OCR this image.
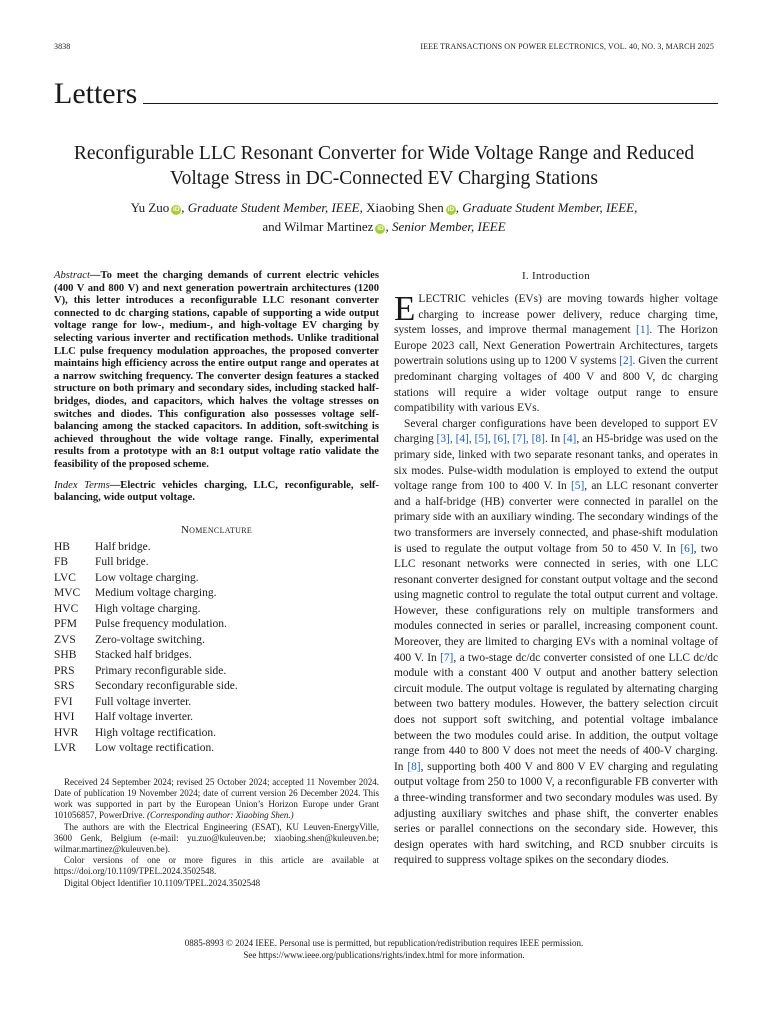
3838	IEEE TRANSACTIONS ON POWER ELECTRONICS, VOL. 40, NO. 3, MARCH 2025
Letters
Reconfigurable LLC Resonant Converter for Wide Voltage Range and Reduced
Voltage Stress in DC-Connected EV Charging Stations
Yu Zuo iD , Graduate Student Member, IEEE, Xiaobing Shen iD , Graduate Student Member, IEEE,
and Wilmar Martinez iD , Senior Member, IEEE

Abstract—To meet the charging demands of current electric vehicles (400 V and 800 V) and next generation powertrain architectures (1200 V), this letter introduces a reconfigurable LLC resonant converter connected to dc charging stations, capable of supporting a wide output voltage range for low-, medium-, and high-voltage EV charging by selecting various inverter and rectification methods. Unlike traditional LLC pulse frequency modulation approaches, the proposed converter maintains high efficiency across the entire output range and operates at a narrow switching frequency. The converter design features a stacked structure on both primary and secondary sides, including stacked half-bridges, diodes, and capacitors, which halves the voltage stresses on switches and diodes. This configuration also possesses voltage self-balancing among the stacked capacitors. In addition, soft-switching is achieved throughout the wide voltage range. Finally, experimental results from a prototype with an 8:1 output voltage ratio validate the feasibility of the proposed scheme.

Index Terms—Electric vehicles charging, LLC, reconfigurable, self-balancing, wide output voltage.

Nomenclature
HB	Half bridge.
FB	Full bridge.
LVC	Low voltage charging.
MVC	Medium voltage charging.
HVC	High voltage charging.
PFM	Pulse frequency modulation.
ZVS	Zero-voltage switching.
SHB	Stacked half bridges.
PRS	Primary reconfigurable side.
SRS	Secondary reconfigurable side.
FVI	Full voltage inverter.
HVI	Half voltage inverter.
HVR	High voltage rectification.
LVR	Low voltage rectification.

Received 24 September 2024; revised 25 October 2024; accepted 11 November 2024. Date of publication 19 November 2024; date of current version 26 December 2024. This work was supported in part by the European Union’s Horizon Europe under Grant 101056857, PowerDrive. (Corresponding author: Xiaobing Shen.)

The authors are with the Electrical Engineering (ESAT), KU Leuven-EnergyVille, 3600 Genk, Belgium (e-mail: yu.zuo@kuleuven.be; xiaobing.shen@kuleuven.be; wilmar.martinez@kuleuven.be).

Color versions of one or more figures in this article are available at https://doi.org/10.1109/TPEL.2024.3502548.

Digital Object Identifier 10.1109/TPEL.2024.3502548

I. Introduction

ELECTRIC vehicles (EVs) are moving towards higher voltage charging to increase power delivery, reduce charging time, system losses, and improve thermal management [1]. The Horizon Europe 2023 call, Next Generation Powertrain Architectures, targets powertrain solutions using up to 1200 V systems [2]. Given the current predominant charging voltages of 400 V and 800 V, dc charging stations will require a wider voltage output range to ensure compatibility with various EVs.

Several charger configurations have been developed to support EV charging [3], [4], [5], [6], [7], [8]. In [4], an H5-bridge was used on the primary side, linked with two separate resonant tanks, and operates in six modes. Pulse-width modulation is employed to extend the output voltage range from 100 to 400 V. In [5], an LLC resonant converter and a half-bridge (HB) converter were connected in parallel on the primary side with an auxiliary winding. The secondary windings of the two transformers are inversely connected, and phase-shift modulation is used to regulate the output voltage from 50 to 450 V. In [6], two LLC resonant networks were connected in series, with one LLC resonant converter designed for constant output voltage and the second using magnetic control to regulate the total output current and voltage. However, these configurations rely on multiple transformers and modules connected in series or parallel, increasing component count. Moreover, they are limited to charging EVs with a nominal voltage of 400 V. In [7], a two-stage dc/dc converter consisted of one LLC dc/dc module with a constant 400 V output and another battery selection circuit module. The output voltage is regulated by alternating charging between two battery modules. However, the battery selection circuit does not support soft switching, and potential voltage imbalance between the two modules could arise. In addition, the output voltage range from 440 to 800 V does not meet the needs of 400-V charging. In [8], supporting both 400 V and 800 V EV charging and regulating output voltage from 250 to 1000 V, a reconfigurable FB converter with a three-winding transformer and two secondary modules was used. By adjusting auxiliary switches and phase shift, the converter enables series or parallel connections on the secondary side. However, this design operates with hard switching, and RCD snubber circuits is required to suppress voltage spikes on the secondary diodes.

0885-8993 © 2024 IEEE. Personal use is permitted, but republication/redistribution requires IEEE permission.
See https://www.ieee.org/publications/rights/index.html for more information.
